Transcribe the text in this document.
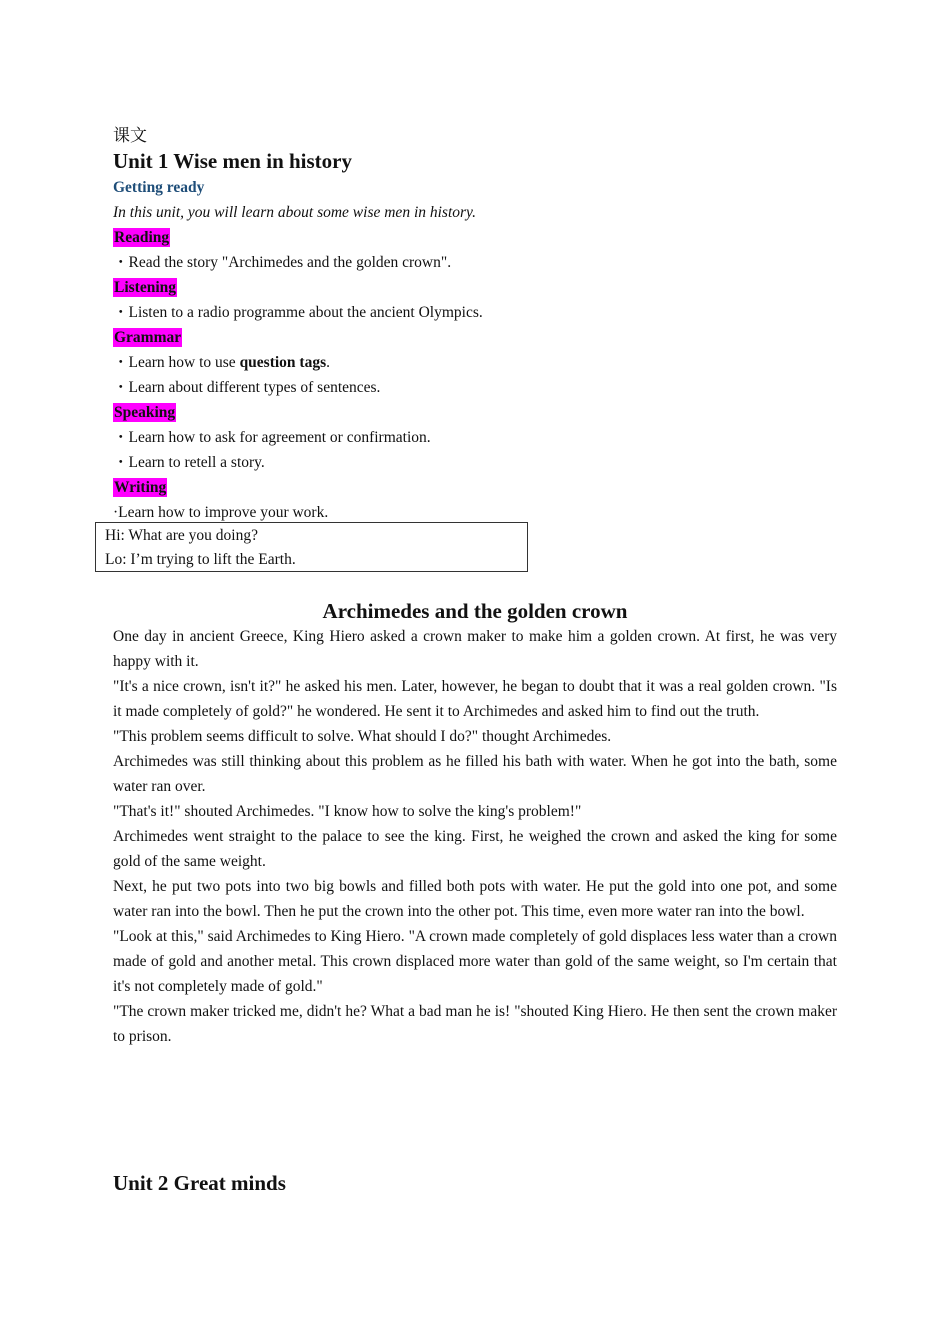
课文
Unit 1 Wise men in history
Getting ready
In this unit, you will learn about some wise men in history.
Reading
・Read the story "Archimedes and the golden crown".
Listening
・Listen to a radio programme about the ancient Olympics.
Grammar
・Learn how to use question tags.
・Learn about different types of sentences.
Speaking
・Learn how to ask for agreement or confirmation.
・Learn to retell a story.
Writing
·Learn how to improve your work.
Hi: What are you doing?
Lo: I’m trying to lift the Earth.
Archimedes and the golden crown

One day in ancient Greece, King Hiero asked a crown maker to make him a golden crown. At first, he was very happy with it.

"It's a nice crown, isn't it?" he asked his men. Later, however, he began to doubt that it was a real golden crown. "Is it made completely of gold?" he wondered. He sent it to Archimedes and asked him to find out the truth.

"This problem seems difficult to solve. What should I do?" thought Archimedes.

Archimedes was still thinking about this problem as he filled his bath with water. When he got into the bath, some water ran over.

"That's it!" shouted Archimedes. "I know how to solve the king's problem!"

Archimedes went straight to the palace to see the king. First, he weighed the crown and asked the king for some gold of the same weight.

Next, he put two pots into two big bowls and filled both pots with water. He put the gold into one pot, and some water ran into the bowl. Then he put the crown into the other pot. This time, even more water ran into the bowl.

"Look at this," said Archimedes to King Hiero. "A crown made completely of gold displaces less water than a crown made of gold and another metal. This crown displaced more water than gold of the same weight, so I'm certain that it's not completely made of gold."

"The crown maker tricked me, didn't he? What a bad man he is! "shouted King Hiero. He then sent the crown maker to prison.

Unit 2 Great minds
